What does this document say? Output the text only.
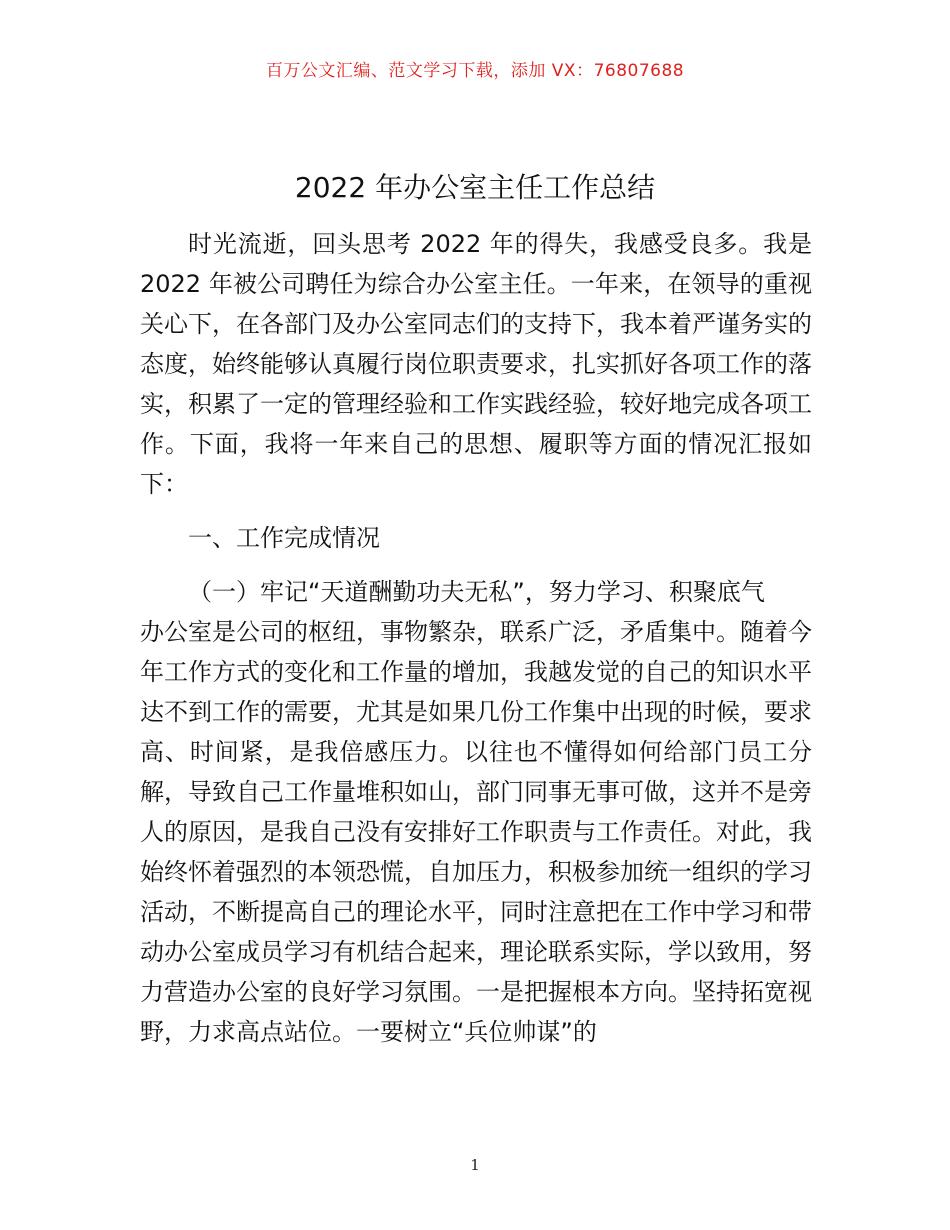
百万公文汇编、范文学习下载，添加 VX：76807688
2022 年办公室主任工作总结

时光流逝，回头思考 2022 年的得失，我感受良多。我是 2022 年被公司聘任为综合办公室主任。一年来，在领导的重视关心下，在各部门及办公室同志们的支持下，我本着严谨务实的态度，始终能够认真履行岗位职责要求，扎实抓好各项工作的落实，积累了一定的管理经验和工作实践经验，较好地完成各项工作。下面，我将一年来自己的思想、履职等方面的情况汇报如下：

一、工作完成情况

（一）牢记“天道酬勤功夫无私”，努力学习、积聚底气

办公室是公司的枢纽，事物繁杂，联系广泛，矛盾集中。随着今年工作方式的变化和工作量的增加，我越发觉的自己的知识水平达不到工作的需要，尤其是如果几份工作集中出现的时候，要求高、时间紧，是我倍感压力。以往也不懂得如何给部门员工分解，导致自己工作量堆积如山，部门同事无事可做，这并不是旁人的原因，是我自己没有安排好工作职责与工作责任。对此，我始终怀着强烈的本领恐慌，自加压力，积极参加统一组织的学习活动，不断提高自己的理论水平，同时注意把在工作中学习和带动办公室成员学习有机结合起来，理论联系实际，学以致用，努力营造办公室的良好学习氛围。一是把握根本方向。坚持拓宽视野，力求高点站位。一要树立“兵位帅谋”的

1
